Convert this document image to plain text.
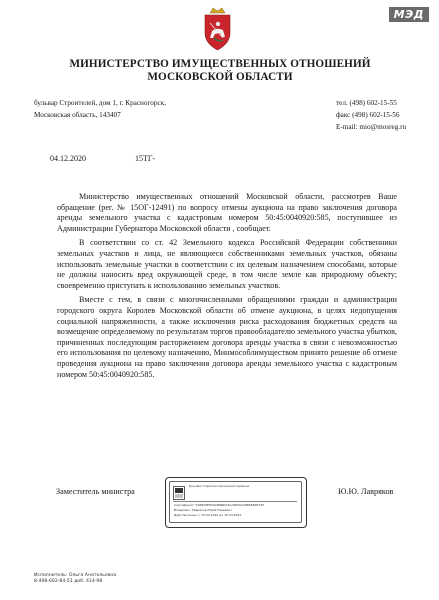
МЭД
МИНИСТЕРСТВО ИМУЩЕСТВЕННЫХ ОТНОШЕНИЙ
МОСКОВСКОЙ ОБЛАСТИ
бульвар Строителей, дом 1, г. Красногорск,
Московская область, 143407
тел. (498) 602-15-55
факс (498) 602-15-56
E-mail: mio@mosreg.ru
04.12.2020	15ТГ-

Министерство имущественных отношений Московской области, рассмотрев Ваше обращение (рег. № 15ОГ-12491) по вопросу отмены аукциона на право заключения договора аренды земельного участка с кадастровым номером 50:45:0040920:585, поступившее из Администрации Губернатора Московской области , сообщает.

В соответствии со ст. 42 Земельного кодекса Российской Федерации собственники земельных участков и лица, не являющиеся собственниками земельных участков, обязаны использовать земельные участки в соответствии с их целевым назначением способами, которые не должны наносить вред окружающей среде, в том числе земле как природному объекту; своевременно приступать к использованию земельных участков.

Вместе с тем, в связи с многочисленными обращениями граждан и администрации городского округа Королев Московской области об отмене аукциона, в целях недопущения социальной напряженности, а также исключения риска расходования бюджетных средств на возмещение определяемому по результатам торгов правообладателю земельного участка убытков, причиненных последующим расторжением договора аренды участка в связи с невозможностью его использования по целевому назначению, Минмособлимуществом принято решение об отмене проведения аукциона на право заключения договора аренды земельного участка с кадастровым номером 50:45:0040920:585.

Заместитель министра	Ю.Ю. Лавряков
Документ подписан электронной подписью
Сертификат: 5488C8E8C6CB6BD23CA9E00A36B65E98745
Владелец: Лавряков Юрий Юрьевич
Действителен: с 10.02.2020 до 10.03.2021
Исполнитель: Ольга Анатольевна
8-498-602-84-51 доб. 414-98
